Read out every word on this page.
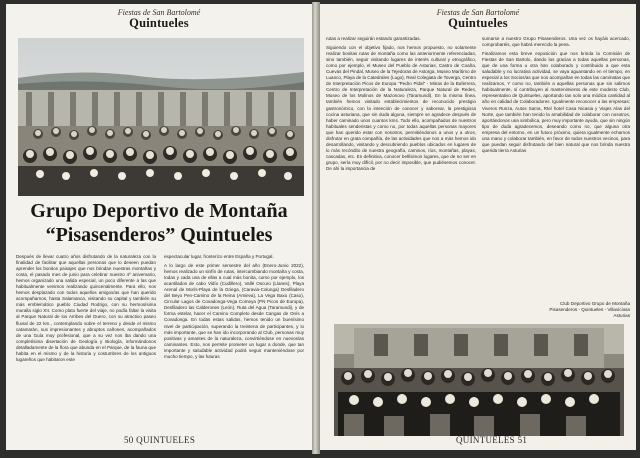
Fiestas de San Bartolomé
Quintueles
Grupo Deportivo de Montaña
“Pisasenderos” Quintueles

Después de llevar cuatro años disfrutando de la naturaleza con la finalidad de facilitar que aquellas personas que lo deseen puedan aprender los bonitos paisajes que nos brindan nuestras montañas y costa, el pasado mes de junio para celebrar nuestro 4º aniversario, hemos organizado una salida especial, un poco diferente a las que habitualmente venimos realizando quincenalmente. Para ello, nos hemos desplazado con todos aquellos amigos/as que han querido acompañarnos, hasta Salamanca, visitando su capital y también su más emblemático pueblo Ciudad Rodrigo, con su hermosísima muralla siglo XII. Como plato fuerte del viaje, no podía faltar la visita al Parque Natural de los Arribes del Duero, con su atractivo paseo fluvial de 22 km., contemplando sobre el terreno y desde el mismo catamarán, sus impresionantes y abruptos cañones, acompañados de una Guía muy profesional, que a su vez nos iba dando una completísima disertación de Geología y Biología, informándonos detalladamente de la flora que abunda en el Parque, de la fauna que habita en el mismo y de la historia y costumbres de los antiguos lugareños que habitaron este

espectacular lugar, fronterizo entre España y Portugal.

A lo largo de este primer semestre del año (Enero-Junio 2022), hemos realizado un sinfín de rutas, intercambiando montaña y costa, todas y cada una de ellas a cual más bonita, como por ejemplo, los acantilados de cabo Vidío (Cudillero), Vallé Oscuro (Llanes), Playa Arenal de Morís-Playa de la Griega, (Caravia-Colunga) Desfiladero del Beyo Pen-Camino de la Reina (Amieva), La Vega Baxu (Caso), Circular Lagos de Covadonga-Vega Comeya (PN Picos de Europa), Desfiladero las Calderones (León), Ruta del Agua (Taramundi), y de forma estelar, hacer el Camino Completo desde Cangas de Onís a Covadonga. En todas estas salidas, hemos tenido un buenísimo nivel de participación, superando la treintena de participantes, y lo más importante, que se han ido incorporando al Club, personas muy positivas y amantes de la naturaleza, convirtiéndose en nuevos/as caminantes. Esto, nos permite prometer un lugar a donde, que tan importante y saludable actividad podrá seguir manteniéndose por mucho tiempo, y las futuras

50 QUINTUELES
Fiestas de San Bartolomé
Quintueles

rutas a realizar seguirán estando garantizadas.

Siguiendo con el objetivo fijado, nos hemos propuesto, no solamente realizar bonitas rutas de montaña como las anteriormente referenciadas, sino también, seguir visitando lugares de interés cultural y etnográfico, como por ejemplo, el Museo del Pueblo de Asturias, Castro de Coaña, Cuevas del Pindal, Museo de la Tejedoras de Astorga, Museo Marítimo de Luanco, Playa de la Catedrales (Lugo), Real Colegiata de Toverga, Centro de Interpretación Picos de Europa “Pedro Pidal” - Minas de la Buferrera, Centro de Interpretación de la Naturaleza, Parque Natural de Redes, Museo de los Molinos de Mazonovo (Taramundi). En la misma línea, también hemos visitado establecimientos de reconocido prestigio gastronómico, con la intención de conocer y saborear, la prestigiosa cocina asturiana, que sin duda alguna, siempre se agradece después de haber caminado unos cuantos kms. Todo ello, acompañados de nuestros habituales senderistas y como no, por todas aquellas personas mayores que han querido estar con nosotros, permitiéndonos a unos y a otros, disfrutar en grata compañía, de las actividades que nos a más hemos ido desarrollando, visitando y descubriendo pueblos ubicados en lugares de lo más recóndito de nuestra geografía, caminos, ríos, montañas, playas, cascadas, etc. En definitiva, conocer bellísimos lugares, que de no ser en grupo, sería muy difícil, por no decir imposible, que pudiésemos conocer. De ahí la importancia de

sumarse a nuestro Grupo Pisasenderos. Una vez os hayáis acercado, comprobaréis, que habrá merecido la pena.

Finalizamos esta breve exposición que nos brinda la Comisión de Fiestas de San Bartolo, dando las gracias a todas aquellas personas, que de una forma u otra han colaborado y contribuido a que esta saludable y no lucrativa actividad, se vaya aguantando en el tiempo, en especial a los Socios/as que nos acompañan en todas las caminatas que realizamos, Y como no, también a aquellas personas que sin salirnos habitualmente, sí contribuyen al mantenimiento de este modesto Club, representativo de Quintueles, aportando tan solo una módica cantidad al año en calidad de Colaboradores. Igualmente reconocer a las empresas: Viveros Runza, Autos Sama, Rte/ hotel Casa Nicasia y Viajes Alas del Norte, que también han tenido la amabilidad de colaborar con nosotros, aportándonos una simbólica, pero muy importante ayuda, que sin ningún tipo de duda agradecemos, deseando como no, que alguna otra empresa del entorno, en un futuro próximo, quiera igualmente echarnos una mano y colaborar también, en favor de todos nuestros vecinos, para que puedan seguir disfrutando del bien natural que nos brinda nuestra querida tierra Asturias

Club Deportivo Grupo de Montaña
Pisasenderos - Quintueles - Villaviciosa
Asturias
QUINTUELES 51
